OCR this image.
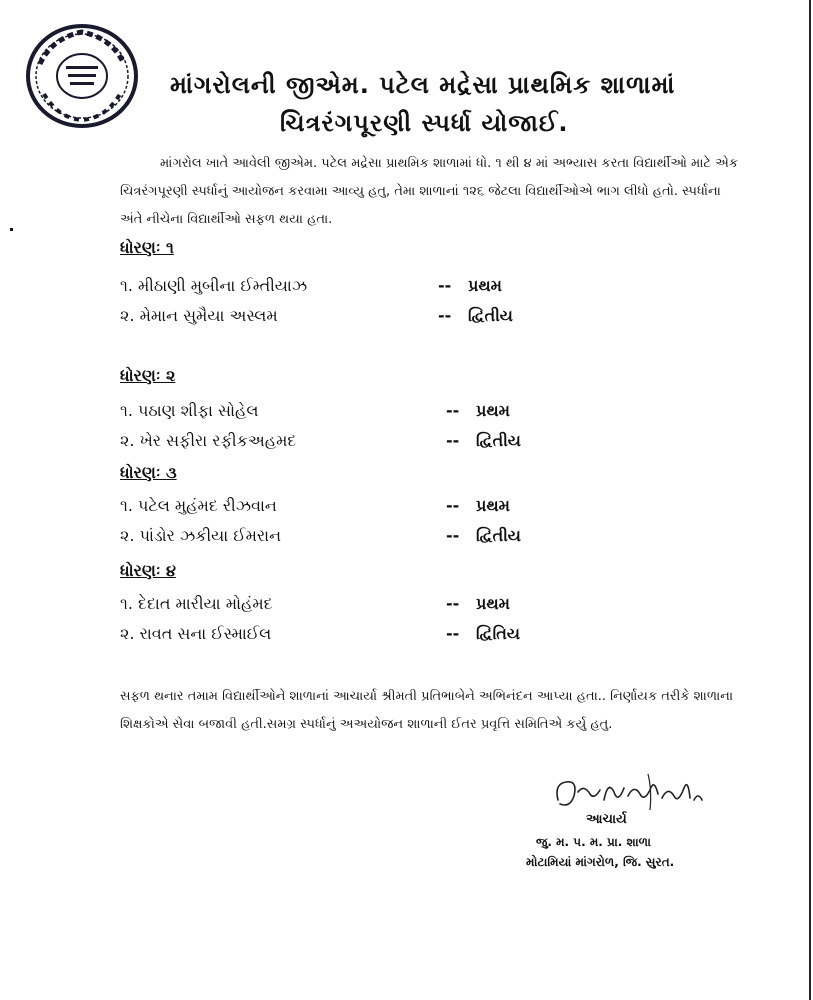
માંગરોલની જીએમ. પટેલ મદ્રેસા પ્રાથમિક શાળામાં
ચિત્રરંગપૂરણી સ્પર્ધા યોજાઈ.
માંગરોલ ખાતે આવેલી જીએમ. પટેલ મદ્રેસા પ્રાથમિક શાળામાં ધો. ૧ થી ૪ માં અભ્યાસ કરતા વિદ્યાર્થીઓ માટે એક ચિત્રરંગપૂરણી સ્પર્ધાનું આયોજન કરવામા આવ્યુ હતુ, તેમા શાળાનાં ૧૨૬ જેટલા વિદ્યાર્થીઓએ ભાગ લીધો હતો. સ્પર્ધાના અંતે નીચેના વિદ્યાર્થીઓ સફળ થયા હતા.
ધોરણઃ ૧
૧. મીઠાણી મુબીના ઈમ્તીયાઝ	-- પ્રથમ
૨. મેમાન સુમૈયા અસ્લમ	-- દ્વિતીય
ધોરણઃ ૨
૧. પઠાણ શીફા સોહેલ	-- પ્રથમ
૨. ખેર સફીરા રફીકઅહમદ	-- દ્વિતીય
ધોરણઃ ૩
૧. પટેલ મુહંમદ રીઝવાન	-- પ્રથમ
૨. પાંડોર ઝકીયા ઈમરાન	-- દ્વિતીય
ધોરણઃ ૪
૧. દેદાત મારીયા મોહંમદ	-- પ્રથમ
૨. રાવત સના ઈસ્માઈલ	-- દ્વિતિય
સફળ થનાર તમામ વિદ્યાર્થીઓને શાળાનાં આચાર્યા શ્રીમતી પ્રતિભાબેને અભિનંદન આપ્યા હતા.. નિર્ણાયક તરીકે શાળાના શિક્ષકોએ સેવા બજાવી હતી.સમગ્ર સ્પર્ધાનું અઅયોજન શાળાની ઈતર પ્રવૃત્તિ સમિતિએ કર્યુ હતુ.
આચાર્ય
જુ. મ. પ. મ. પ્રા. શાળા
મોટામિયાં માંગરોળ, જિ. સુરત.
